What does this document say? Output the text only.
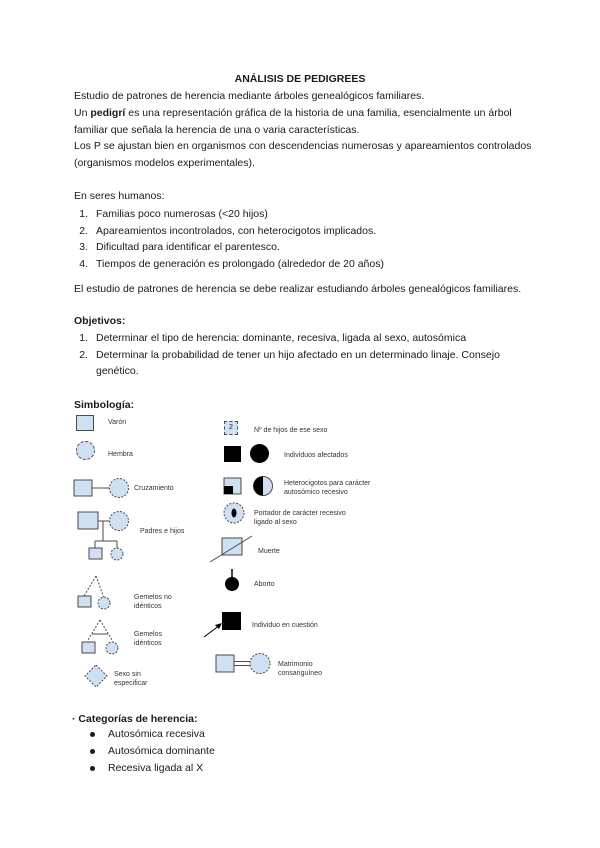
ANÁLISIS DE PEDIGREES

Estudio de patrones de herencia mediante árboles genealógicos familiares.

Un pedigrí es una representación gráfica de la historia de una familia, esencialmente un árbol familiar que señala la herencia de una o varia características.

Los P se ajustan bien en organismos con descendencias numerosas y apareamientos controlados (organismos modelos experimentales).

En seres humanos:

1. Familias poco numerosas (<20 hijos)
2. Apareamientos incontrolados, con heterocigotos implicados.
3. Dificultad para identificar el parentesco.
4. Tiempos de generación es prolongado (alrededor de 20 años)

El estudio de patrones de herencia se debe realizar estudiando árboles genealógicos familiares.

Objetivos:

1. Determinar el tipo de herencia: dominante, recesiva, ligada al sexo, autosómica
2. Determinar la probabilidad de tener un hijo afectado en un determinado linaje. Consejo genético.

Simbología:

Varón
Hembra
Cruzamiento
Padres e hijos
Gemelos no idénticos
Gemelos idénticos
Sexo sin especificar
2	Nº de hijos de ese sexo
Individuos afectados
Heterocigotos para carácter autosómico recesivo
Portador de carácter recesivo ligado al sexo
Muerte
Aborto
Individuo en cuestión
Matrimonio consanguíneo

· Categorías de herencia:

Autosómica recesiva
Autosómica dominante
Recesiva ligada al X
